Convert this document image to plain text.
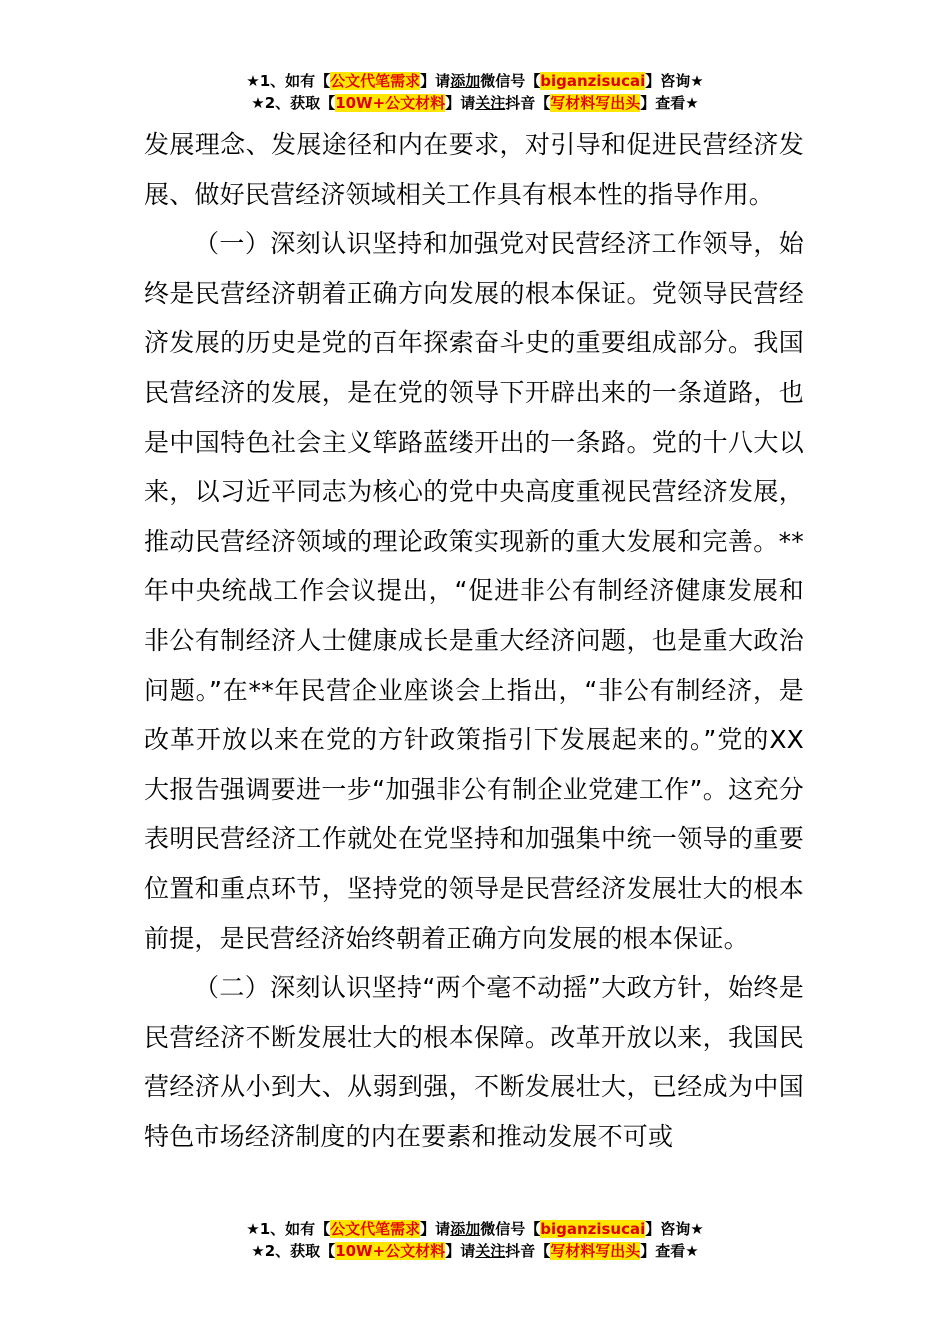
★1、如有【公文代笔需求】请添加微信号【biganzisucai】咨询★
★2、获取【10W+公文材料】请关注抖音【写材料写出头】查看★

发展理念、发展途径和内在要求，对引导和促进民营经济发展、做好民营经济领域相关工作具有根本性的指导作用。

（一）深刻认识坚持和加强党对民营经济工作领导，始终是民营经济朝着正确方向发展的根本保证。党领导民营经济发展的历史是党的百年探索奋斗史的重要组成部分。我国民营经济的发展，是在党的领导下开辟出来的一条道路，也是中国特色社会主义筚路蓝缕开出的一条路。党的十八大以来，以习近平同志为核心的党中央高度重视民营经济发展，推动民营经济领域的理论政策实现新的重大发展和完善。**年中央统战工作会议提出，“促进非公有制经济健康发展和非公有制经济人士健康成长是重大经济问题，也是重大政治问题。”在**年民营企业座谈会上指出，“非公有制经济，是改革开放以来在党的方针政策指引下发展起来的。”党的XX大报告强调要进一步“加强非公有制企业党建工作”。这充分表明民营经济工作就处在党坚持和加强集中统一领导的重要位置和重点环节，坚持党的领导是民营经济发展壮大的根本前提，是民营经济始终朝着正确方向发展的根本保证。

（二）深刻认识坚持“两个毫不动摇”大政方针，始终是民营经济不断发展壮大的根本保障。改革开放以来，我国民营经济从小到大、从弱到强，不断发展壮大，已经成为中国特色市场经济制度的内在要素和推动发展不可或

★1、如有【公文代笔需求】请添加微信号【biganzisucai】咨询★
★2、获取【10W+公文材料】请关注抖音【写材料写出头】查看★
